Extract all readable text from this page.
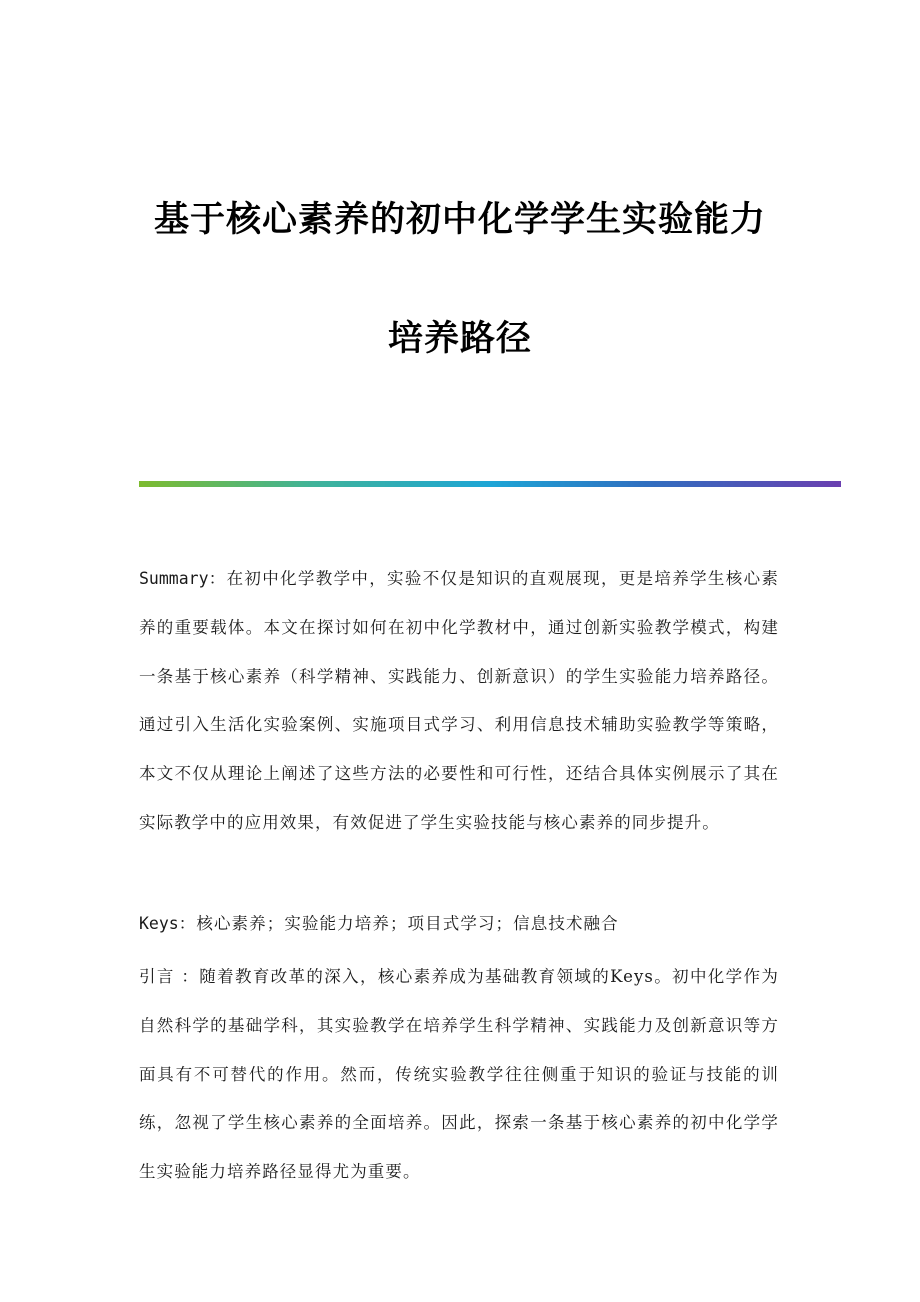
基于核心素养的初中化学学生实验能力
培养路径
Summary：在初中化学教学中，实验不仅是知识的直观展现，更是培养学生核心素养的重要载体。本文在探讨如何在初中化学教材中，通过创新实验教学模式，构建一条基于核心素养（科学精神、实践能力、创新意识）的学生实验能力培养路径。通过引入生活化实验案例、实施项目式学习、利用信息技术辅助实验教学等策略，本文不仅从理论上阐述了这些方法的必要性和可行性，还结合具体实例展示了其在实际教学中的应用效果，有效促进了学生实验技能与核心素养的同步提升。
Keys：核心素养；实验能力培养；项目式学习；信息技术融合
引言 ：随着教育改革的深入，核心素养成为基础教育领域的Keys。初中化学作为自然科学的基础学科，其实验教学在培养学生科学精神、实践能力及创新意识等方面具有不可替代的作用。然而，传统实验教学往往侧重于知识的验证与技能的训练，忽视了学生核心素养的全面培养。因此，探索一条基于核心素养的初中化学学生实验能力培养路径显得尤为重要。
